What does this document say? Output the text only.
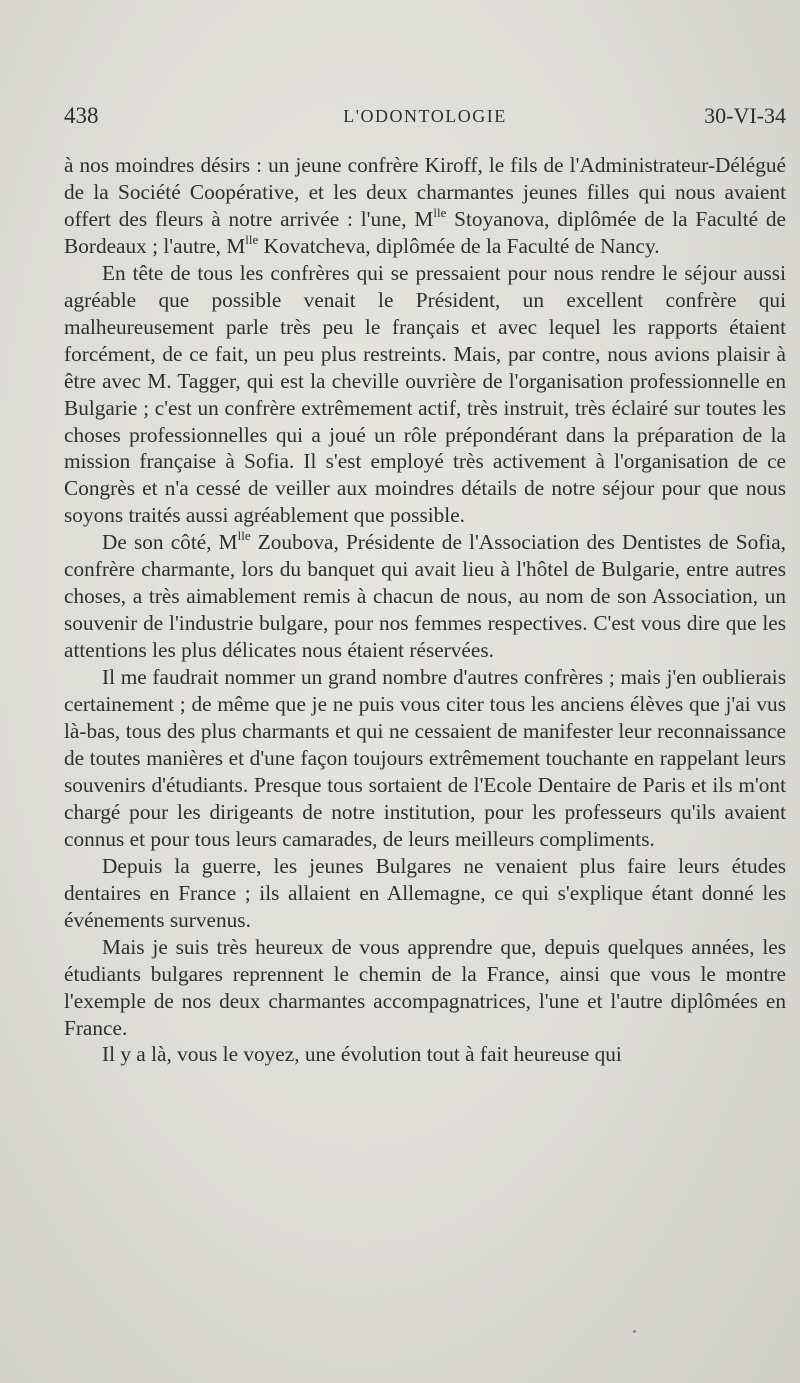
438	L'ODONTOLOGIE	30-VI-34

à nos moindres désirs : un jeune confrère Kiroff, le fils de l'Administrateur-Délégué de la Société Coopérative, et les deux charmantes jeunes filles qui nous avaient offert des fleurs à notre arrivée : l'une, $M^{lle}$ Stoyanova, diplômée de la Faculté de Bordeaux ; l'autre, $M^{lle}$ Kovatcheva, diplômée de la Faculté de Nancy.

En tête de tous les confrères qui se pressaient pour nous rendre le séjour aussi agréable que possible venait le Président, un excellent confrère qui malheureusement parle très peu le français et avec lequel les rapports étaient forcément, de ce fait, un peu plus restreints. Mais, par contre, nous avions plaisir à être avec M. Tagger, qui est la cheville ouvrière de l'organisation professionnelle en Bulgarie ; c'est un confrère extrêmement actif, très instruit, très éclairé sur toutes les choses professionnelles qui a joué un rôle prépondérant dans la préparation de la mission française à Sofia. Il s'est employé très activement à l'organisation de ce Congrès et n'a cessé de veiller aux moindres détails de notre séjour pour que nous soyons traités aussi agréablement que possible.

De son côté, $M^{lle}$ Zoubova, Présidente de l'Association des Dentistes de Sofia, confrère charmante, lors du banquet qui avait lieu à l'hôtel de Bulgarie, entre autres choses, a très aimablement remis à chacun de nous, au nom de son Association, un souvenir de l'industrie bulgare, pour nos femmes respectives. C'est vous dire que les attentions les plus délicates nous étaient réservées.

Il me faudrait nommer un grand nombre d'autres confrères ; mais j'en oublierais certainement ; de même que je ne puis vous citer tous les anciens élèves que j'ai vus là-bas, tous des plus charmants et qui ne cessaient de manifester leur reconnaissance de toutes manières et d'une façon toujours extrêmement touchante en rappelant leurs souvenirs d'étudiants. Presque tous sortaient de l'Ecole Dentaire de Paris et ils m'ont chargé pour les dirigeants de notre institution, pour les professeurs qu'ils avaient connus et pour tous leurs camarades, de leurs meilleurs compliments.

Depuis la guerre, les jeunes Bulgares ne venaient plus faire leurs études dentaires en France ; ils allaient en Allemagne, ce qui s'explique étant donné les événements survenus.

Mais je suis très heureux de vous apprendre que, depuis quelques années, les étudiants bulgares reprennent le chemin de la France, ainsi que vous le montre l'exemple de nos deux charmantes accompagnatrices, l'une et l'autre diplômées en France.

Il y a là, vous le voyez, une évolution tout à fait heureuse qui
